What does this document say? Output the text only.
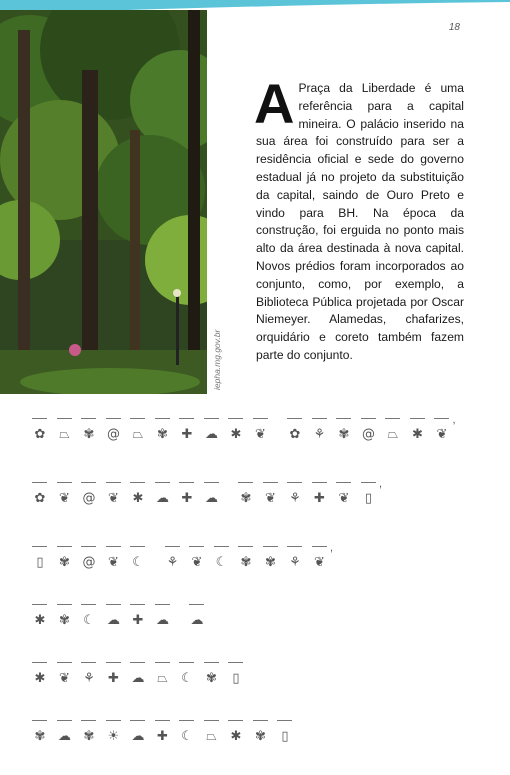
18
iepha.mg.gov.br
A Praça da Liberdade é uma referência para a capital mineira. O palácio inserido na sua área foi construído para ser a residência oficial e sede do governo estadual já no projeto da substituição da capital, saindo de Ouro Preto e vindo para BH. Na época da construção, foi erguida no ponto mais alto da área destinada à nova capital. Novos prédios foram incorporados ao conjunto, como, por exemplo, a Biblioteca Pública projetada por Oscar Niemeyer. Alamedas, chafarizes, orquidário e coreto também fazem parte do conjunto.
✿	⏢	✾ @ ⏢	✾	✚ ☁ ✱	❦	✿	⚘	✾ @ ⏢	✱	❦
,
✿	❦ @ ❦	✱ ☁ ✚ ☁	✾	❦	⚘	✚	❦	▯
,
▯	✾ @ ❦	☾	⚘	❦	☾	✾	✾	⚘	❦
,
✱	✾	☾ ☁ ✚ ☁ ☁
✱	❦	⚘	✚ ☁ ⏢	☾	✾	▯
✾ ☁ ✾	☀ ☁ ✚	☾	⏢	✱	✾	▯
